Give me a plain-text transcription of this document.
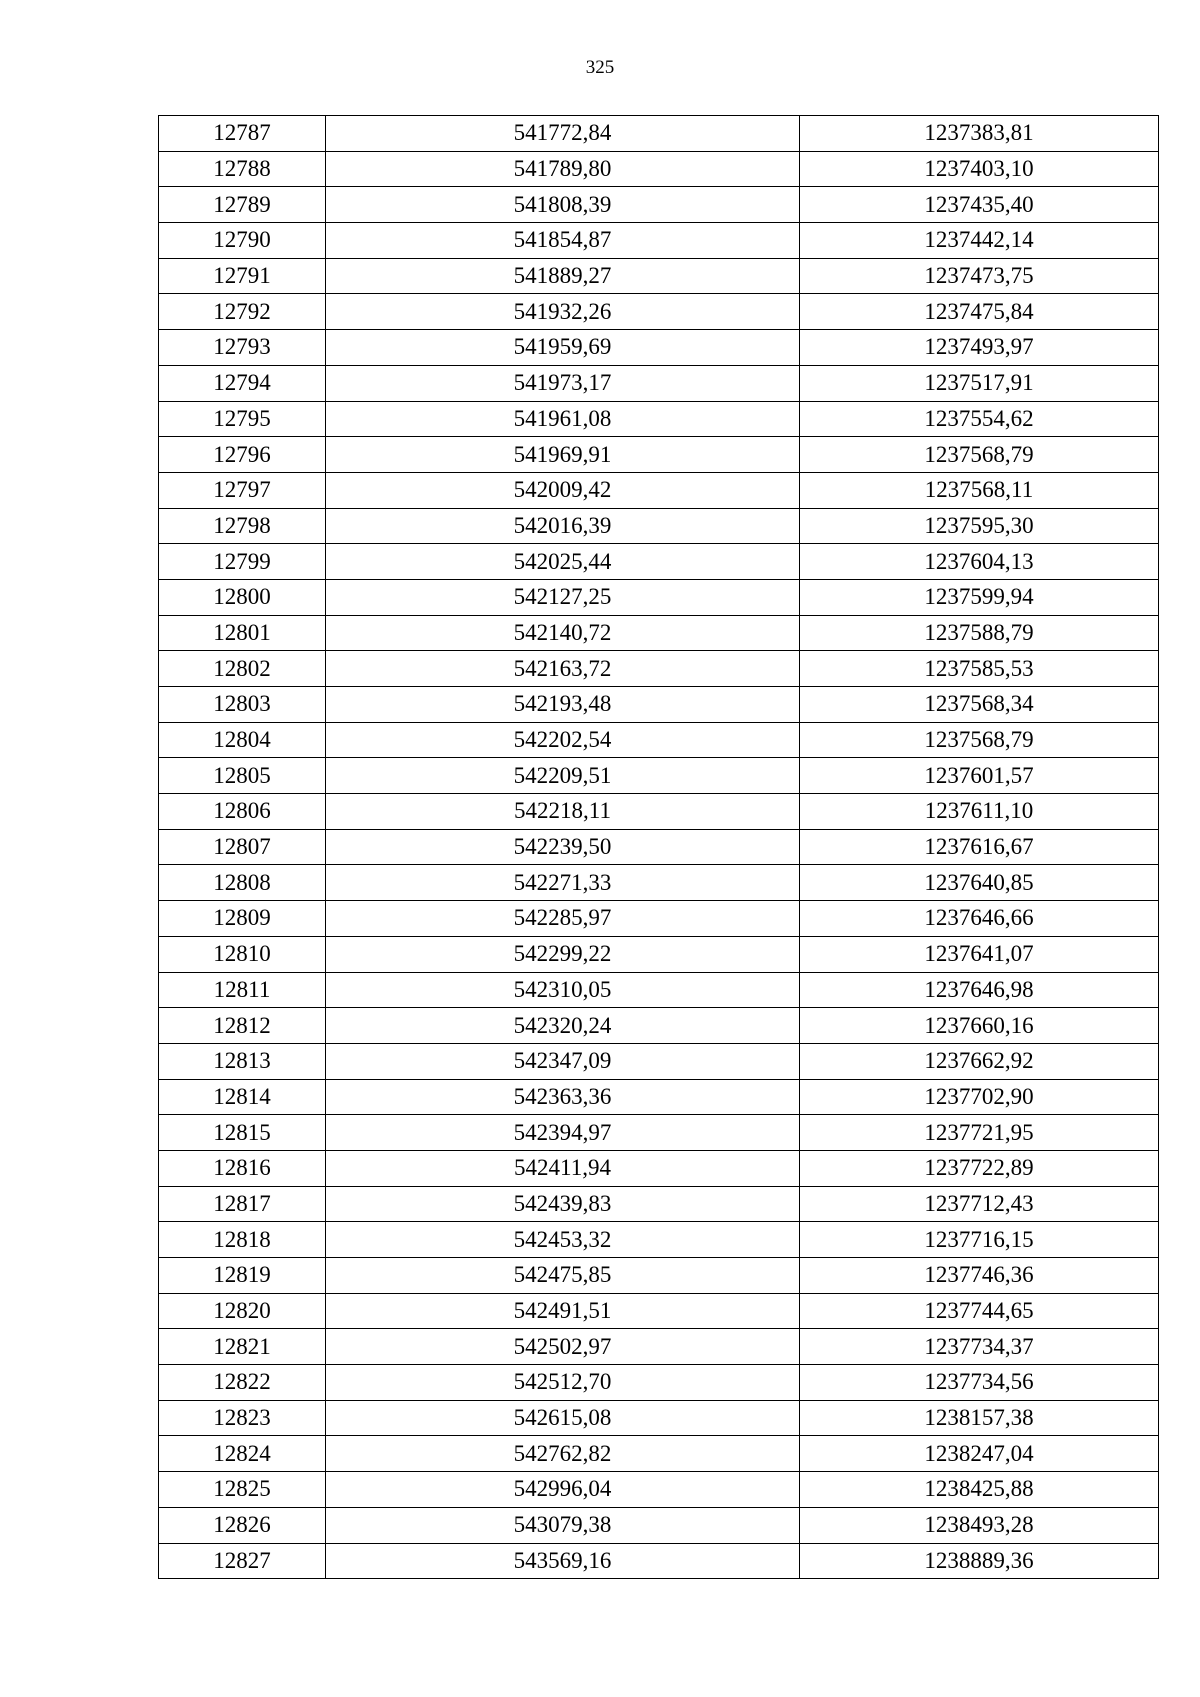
325
12787	541772,84	1237383,81
12788	541789,80	1237403,10
12789	541808,39	1237435,40
12790	541854,87	1237442,14
12791	541889,27	1237473,75
12792	541932,26	1237475,84
12793	541959,69	1237493,97
12794	541973,17	1237517,91
12795	541961,08	1237554,62
12796	541969,91	1237568,79
12797	542009,42	1237568,11
12798	542016,39	1237595,30
12799	542025,44	1237604,13
12800	542127,25	1237599,94
12801	542140,72	1237588,79
12802	542163,72	1237585,53
12803	542193,48	1237568,34
12804	542202,54	1237568,79
12805	542209,51	1237601,57
12806	542218,11	1237611,10
12807	542239,50	1237616,67
12808	542271,33	1237640,85
12809	542285,97	1237646,66
12810	542299,22	1237641,07
12811	542310,05	1237646,98
12812	542320,24	1237660,16
12813	542347,09	1237662,92
12814	542363,36	1237702,90
12815	542394,97	1237721,95
12816	542411,94	1237722,89
12817	542439,83	1237712,43
12818	542453,32	1237716,15
12819	542475,85	1237746,36
12820	542491,51	1237744,65
12821	542502,97	1237734,37
12822	542512,70	1237734,56
12823	542615,08	1238157,38
12824	542762,82	1238247,04
12825	542996,04	1238425,88
12826	543079,38	1238493,28
12827	543569,16	1238889,36
